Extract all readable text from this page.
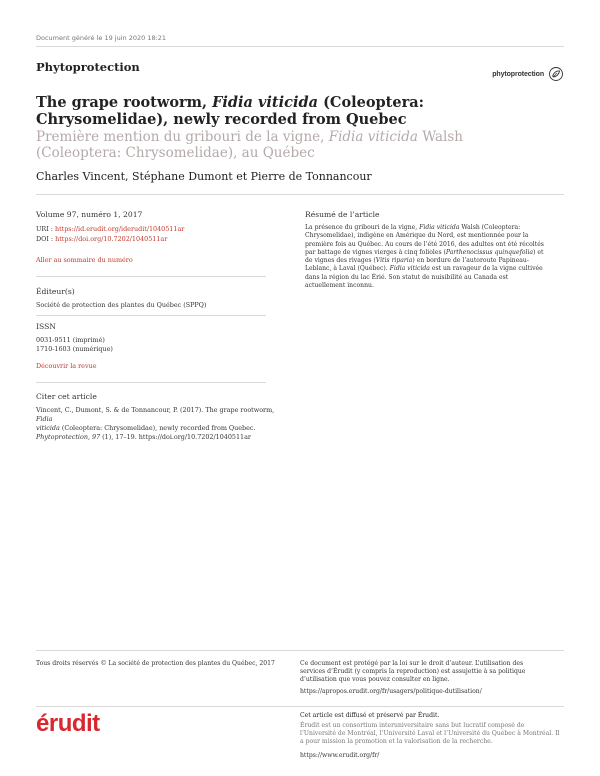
Document généré le 19 juin 2020 18:21
Phytoprotection	phytoprotection
The grape rootworm, Fidia viticida (Coleoptera: Chrysomelidae), newly recorded from Quebec
Première mention du gribouri de la vigne, Fidia viticida Walsh (Coleoptera: Chrysomelidae), au Québec
Charles Vincent, Stéphane Dumont et Pierre de Tonnancour
Volume 97, numéro 1, 2017
URI : https://id.erudit.org/iderudit/1040511ar
DOI : https://doi.org/10.7202/1040511ar
Aller au sommaire du numéro
Éditeur(s)
Société de protection des plantes du Québec (SPPQ)
ISSN
0031-9511 (imprimé)
1710-1603 (numérique)
Découvrir la revue
Citer cet article
Vincent, C., Dumont, S. & de Tonnancour, P. (2017). The grape rootworm, Fidia
viticida (Coleoptera: Chrysomelidae), newly recorded from Quebec.
Phytoprotection, 97 (1), 17–19. https://doi.org/10.7202/1040511ar
Résumé de l’article
La présence du gribouri de la vigne, Fidia viticida Walsh (Coleoptera: Chrysomelidae), indigène en Amérique du Nord, est mentionnée pour la première fois au Québec. Au cours de l’été 2016, des adultes ont été récoltés par battage de vignes vierges à cinq folioles (Parthenocissus quinquefolia) et de vignes des rivages (Vitis riparia) en bordure de l’autoroute Papineau-Leblanc, à Laval (Québec). Fidia viticida est un ravageur de la vigne cultivée dans la région du lac Érié. Son statut de nuisibilité au Canada est actuellement inconnu.
Tous droits réservés © La société de protection des plantes du Québec, 2017	Ce document est protégé par la loi sur le droit d’auteur. L’utilisation des services d’Érudit (y compris la reproduction) est assujettie à sa politique d’utilisation que vous pouvez consulter en ligne.
https://apropos.erudit.org/fr/usagers/politique-dutilisation/
érudit	Cet article est diffusé et préservé par Érudit.
Érudit est un consortium interuniversitaire sans but lucratif composé de l’Université de Montréal, l’Université Laval et l’Université du Québec à Montréal. Il a pour mission la promotion et la valorisation de la recherche.
https://www.erudit.org/fr/
